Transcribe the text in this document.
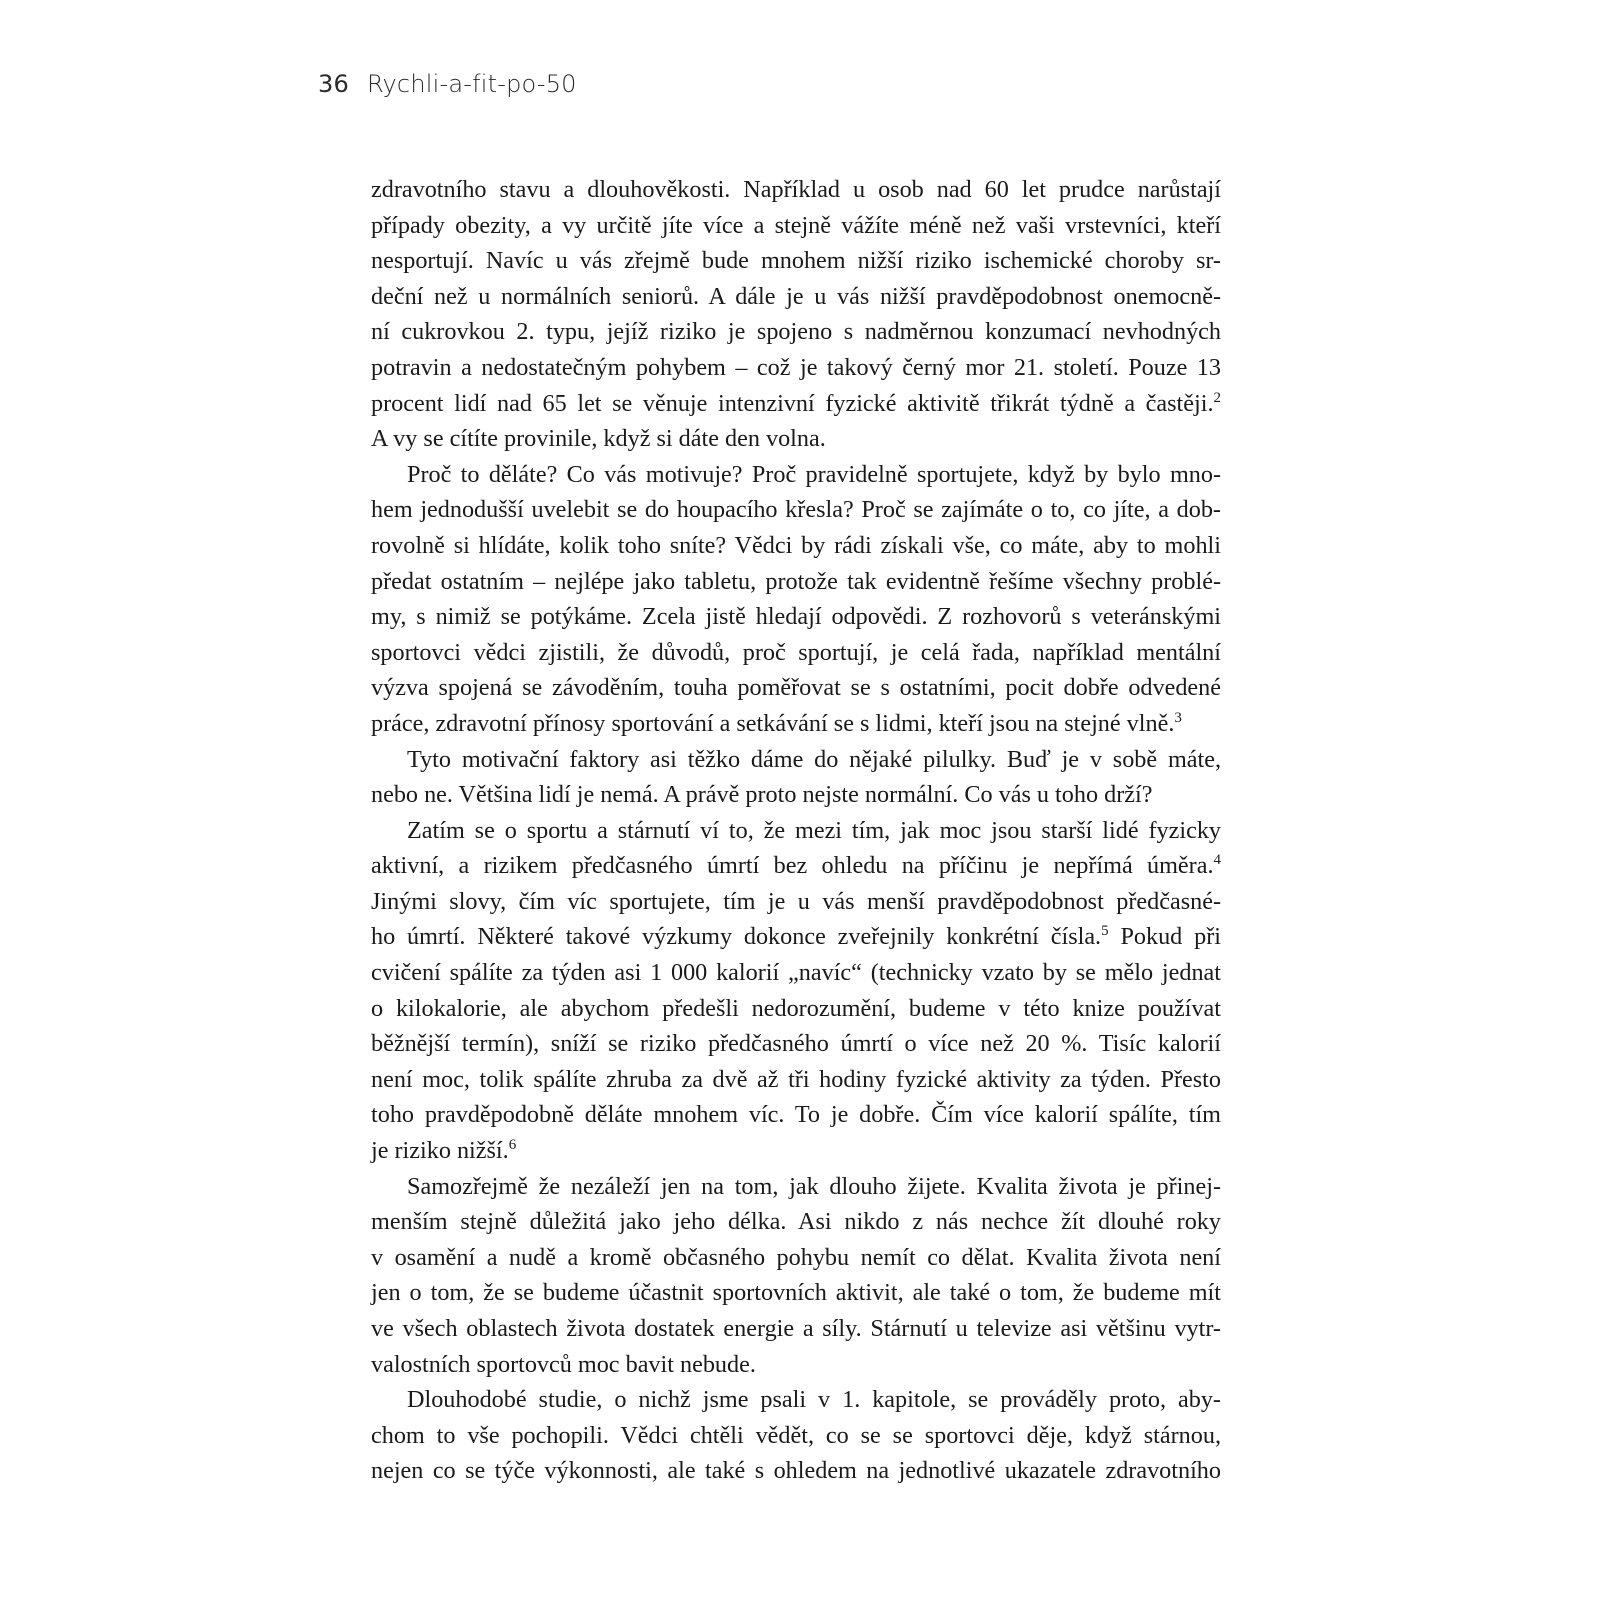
36 Rychli-a-fit-po-50
zdravotního stavu a dlouhověkosti. Například u osob nad 60 let prudce narůstají
případy obezity, a vy určitě jíte více a stejně vážíte méně než vaši vrstevníci, kteří
nesportují. Navíc u vás zřejmě bude mnohem nižší riziko ischemické choroby sr-
deční než u normálních seniorů. A dále je u vás nižší pravděpodobnost onemocně-
ní cukrovkou 2. typu, jejíž riziko je spojeno s nadměrnou konzumací nevhodných
potravin a nedostatečným pohybem – což je takový černý mor 21. století. Pouze 13
procent lidí nad 65 let se věnuje intenzivní fyzické aktivitě třikrát týdně a častěji.$^2$
A vy se cítíte provinile, když si dáte den volna.
Proč to děláte? Co vás motivuje? Proč pravidelně sportujete, když by bylo mno-
hem jednodušší uvelebit se do houpacího křesla? Proč se zajímáte o to, co jíte, a dob-
rovolně si hlídáte, kolik toho sníte? Vědci by rádi získali vše, co máte, aby to mohli
předat ostatním – nejlépe jako tabletu, protože tak evidentně řešíme všechny problé-
my, s nimiž se potýkáme. Zcela jistě hledají odpovědi. Z rozhovorů s veteránskými
sportovci vědci zjistili, že důvodů, proč sportují, je celá řada, například mentální
výzva spojená se závoděním, touha poměřovat se s ostatními, pocit dobře odvedené
práce, zdravotní přínosy sportování a setkávání se s lidmi, kteří jsou na stejné vlně.$^3$
Tyto motivační faktory asi těžko dáme do nějaké pilulky. Buď je v sobě máte,
nebo ne. Většina lidí je nemá. A právě proto nejste normální. Co vás u toho drží?
Zatím se o sportu a stárnutí ví to, že mezi tím, jak moc jsou starší lidé fyzicky
aktivní, a rizikem předčasného úmrtí bez ohledu na příčinu je nepřímá úměra.$^4$
Jinými slovy, čím víc sportujete, tím je u vás menší pravděpodobnost předčasné-
ho úmrtí. Některé takové výzkumy dokonce zveřejnily konkrétní čísla.$^5$ Pokud při
cvičení spálíte za týden asi 1 000 kalorií „navíc“ (technicky vzato by se mělo jednat
o kilokalorie, ale abychom předešli nedorozumění, budeme v této knize používat
běžnější termín), sníží se riziko předčasného úmrtí o více než 20 %. Tisíc kalorií
není moc, tolik spálíte zhruba za dvě až tři hodiny fyzické aktivity za týden. Přesto
toho pravděpodobně děláte mnohem víc. To je dobře. Čím více kalorií spálíte, tím
je riziko nižší.$^6$
Samozřejmě že nezáleží jen na tom, jak dlouho žijete. Kvalita života je přinej-
menším stejně důležitá jako jeho délka. Asi nikdo z nás nechce žít dlouhé roky
v osamění a nudě a kromě občasného pohybu nemít co dělat. Kvalita života není
jen o tom, že se budeme účastnit sportovních aktivit, ale také o tom, že budeme mít
ve všech oblastech života dostatek energie a síly. Stárnutí u televize asi většinu vytr-
valostních sportovců moc bavit nebude.
Dlouhodobé studie, o nichž jsme psali v 1. kapitole, se prováděly proto, aby-
chom to vše pochopili. Vědci chtěli vědět, co se se sportovci děje, když stárnou,
nejen co se týče výkonnosti, ale také s ohledem na jednotlivé ukazatele zdravotního
